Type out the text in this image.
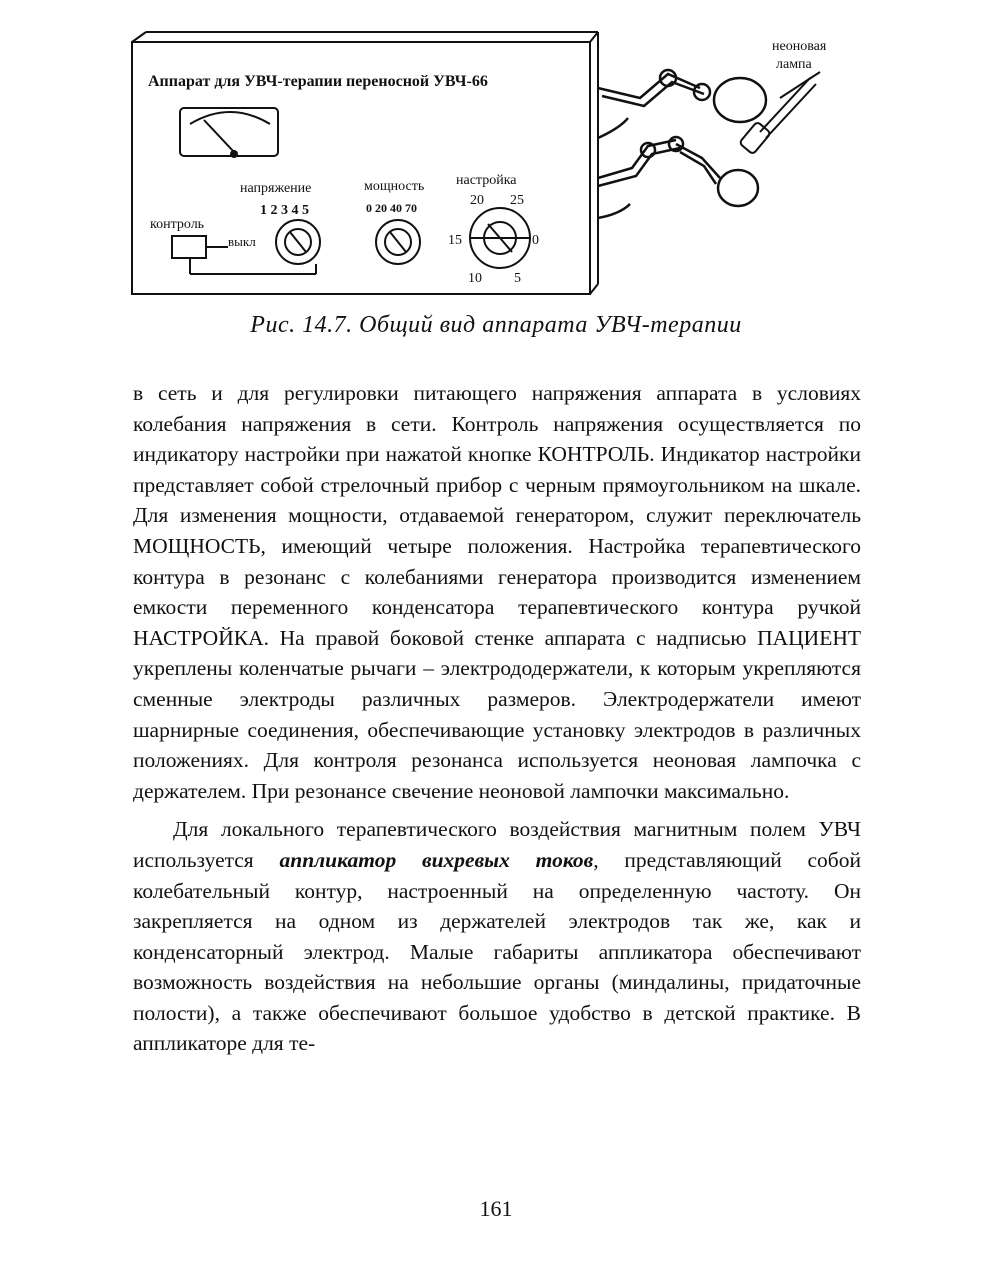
Аппарат для УВЧ-терапии переносной УВЧ-66
напряжение
1 2 3 4 5
выкл
контроль
мощность
0 20 40 70
настройка
20 25
15	0
10 5
неоновая
лампа
Рис. 14.7. Общий вид аппарата УВЧ-терапии

в сеть и для регулировки питающего напряжения аппарата в условиях колебания напряжения в сети. Контроль напряжения осуществляется по индикатору настройки при нажатой кнопке КОНТРОЛЬ. Индикатор настройки представляет собой стрелочный прибор с черным прямоугольником на шкале. Для изменения мощности, отдаваемой генератором, служит переключатель МОЩНОСТЬ, имеющий четыре положения. Настройка терапевтического контура в резонанс с колебаниями генератора производится изменением емкости переменного конденсатора терапевтического контура ручкой НАСТРОЙКА. На правой боковой стенке аппарата с надписью ПАЦИЕНТ укреплены коленчатые рычаги – электрододержатели, к которым укрепляются сменные электроды различных размеров. Электродержатели имеют шарнирные соединения, обеспечивающие установку электродов в различных положениях. Для контроля резонанса используется неоновая лампочка с держателем. При резонансе свечение неоновой лампочки максимально.

Для локального терапевтического воздействия магнитным полем УВЧ используется аппликатор вихревых токов, представляющий собой колебательный контур, настроенный на определенную частоту. Он закрепляется на одном из держателей электродов так же, как и конденсаторный электрод. Малые габариты аппликатора обеспечивают возможность воздействия на небольшие органы (миндалины, придаточные полости), а также обеспечивают большое удобство в детской практике. В аппликаторе для те-

161
